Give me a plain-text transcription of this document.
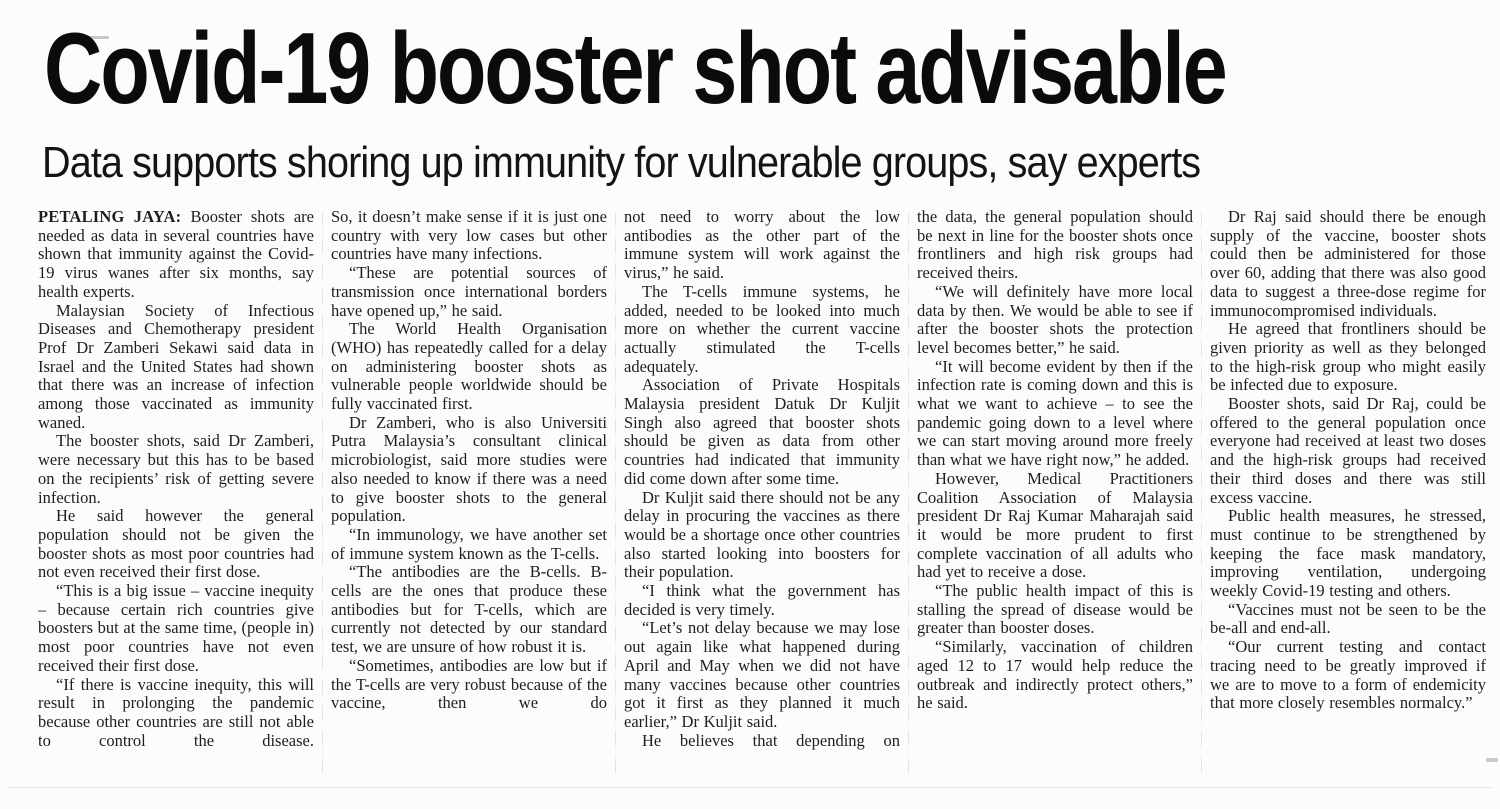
Covid-19 booster shot advisable
Data supports shoring up immunity for vulnerable groups, say experts

PETALING JAYA: Booster shots are needed as data in several countries have shown that immunity against the Covid-19 virus wanes after six months, say health experts.

Malaysian Society of Infectious Diseases and Chemotherapy president Prof Dr Zamberi Sekawi said data in Israel and the United States had shown that there was an increase of infection among those vaccinated as immunity waned.

The booster shots, said Dr Zamberi, were necessary but this has to be based on the recipients’ risk of getting severe infection.

He said however the general population should not be given the booster shots as most poor countries had not even received their first dose.

“This is a big issue – vaccine inequity – because certain rich countries give boosters but at the same time, (people in) most poor countries have not even received their first dose.

“If there is vaccine inequity, this will result in prolonging the pandemic because other countries are still not able to control the disease.

So, it doesn’t make sense if it is just one country with very low cases but other countries have many infections.

“These are potential sources of transmission once international borders have opened up,” he said.

The World Health Organisation (WHO) has repeatedly called for a delay on administering booster shots as vulnerable people worldwide should be fully vaccinated first.

Dr Zamberi, who is also Universiti Putra Malaysia’s consultant clinical microbiologist, said more studies were also needed to know if there was a need to give booster shots to the general population.

“In immunology, we have another set of immune system known as the T-cells.

“The antibodies are the B-cells. B-cells are the ones that produce these antibodies but for T-cells, which are currently not detected by our standard test, we are unsure of how robust it is.

“Sometimes, antibodies are low but if the T-cells are very robust because of the vaccine, then we do

not need to worry about the low antibodies as the other part of the immune system will work against the virus,” he said.

The T-cells immune systems, he added, needed to be looked into much more on whether the current vaccine actually stimulated the T-cells adequately.

Association of Private Hospitals Malaysia president Datuk Dr Kuljit Singh also agreed that booster shots should be given as data from other countries had indicated that immunity did come down after some time.

Dr Kuljit said there should not be any delay in procuring the vaccines as there would be a shortage once other countries also started looking into boosters for their population.

“I think what the government has decided is very timely.

“Let’s not delay because we may lose out again like what happened during April and May when we did not have many vaccines because other countries got it first as they planned it much earlier,” Dr Kuljit said.

He believes that depending on

the data, the general population should be next in line for the booster shots once frontliners and high risk groups had received theirs.

“We will definitely have more local data by then. We would be able to see if after the booster shots the protection level becomes better,” he said.

“It will become evident by then if the infection rate is coming down and this is what we want to achieve – to see the pandemic going down to a level where we can start moving around more freely than what we have right now,” he added.

However, Medical Practitioners Coalition Association of Malaysia president Dr Raj Kumar Maharajah said it would be more prudent to first complete vaccination of all adults who had yet to receive a dose.

“The public health impact of this is stalling the spread of disease would be greater than booster doses.

“Similarly, vaccination of children aged 12 to 17 would help reduce the outbreak and indirectly protect others,” he said.

Dr Raj said should there be enough supply of the vaccine, booster shots could then be administered for those over 60, adding that there was also good data to suggest a three-dose regime for immunocompromised individuals.

He agreed that frontliners should be given priority as well as they belonged to the high-risk group who might easily be infected due to exposure.

Booster shots, said Dr Raj, could be offered to the general population once everyone had received at least two doses and the high-risk groups had received their third doses and there was still excess vaccine.

Public health measures, he stressed, must continue to be strengthened by keeping the face mask mandatory, improving ventilation, undergoing weekly Covid-19 testing and others.

“Vaccines must not be seen to be the be-all and end-all.

“Our current testing and contact tracing need to be greatly improved if we are to move to a form of endemicity that more closely resembles normalcy.”
